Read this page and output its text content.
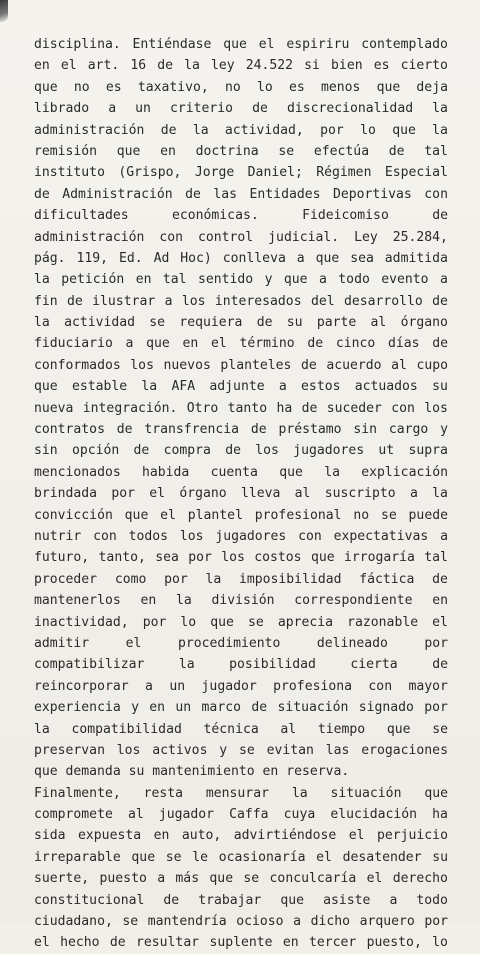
disciplina. Entiéndase que el espiriru contemplado
en el art. 16 de la ley 24.522 si bien es cierto
que no es taxativo, no lo es menos que deja
librado a un criterio de discrecionalidad la
administración de la actividad, por lo que la
remisión que en doctrina se efectúa de tal
instituto (Grispo, Jorge Daniel; Régimen Especial
de Administración de las Entidades Deportivas con
dificultades	económicas.	Fideicomiso	de
administración con control judicial. Ley 25.284,
pág. 119, Ed. Ad Hoc) conlleva a que sea admitida
la petición en tal sentido y que a todo evento a
fin de ilustrar a los interesados del desarrollo de
la actividad se requiera de su parte al órgano
fiduciario a que en el término de cinco días de
conformados los nuevos planteles de acuerdo al cupo
que estable la AFA adjunte a estos actuados su
nueva integración. Otro tanto ha de suceder con los
contratos de transfrencia de préstamo sin cargo y
sin opción de compra de los jugadores ut supra
mencionados habida cuenta que la explicación
brindada por el órgano lleva al suscripto a la
convicción que el plantel profesional no se puede
nutrir con todos los jugadores con expectativas a
futuro, tanto, sea por los costos que irrogaría tal
proceder como por la imposibilidad fáctica de
mantenerlos en la división correspondiente en
inactividad, por lo que se aprecia razonable el
admitir	el	procedimiento	delineado	por
compatibilizar	la	posibilidad	cierta	de
reincorporar a un jugador profesiona con mayor
experiencia y en un marco de situación signado por
la compatibilidad técnica al tiempo que se
preservan los activos y se evitan las erogaciones
que demanda su mantenimiento en reserva.
Finalmente, resta mensurar la situación que
compromete al jugador Caffa cuya elucidación ha
sida expuesta en auto, advirtiéndose el perjuicio
irreparable que se le ocasionaría el desatender su
suerte, puesto a más que se conculcaría el derecho
constitucional de trabajar que asiste a todo
ciudadano, se mantendría ocioso a dicho arquero por
el hecho de resultar suplente en tercer puesto, lo
